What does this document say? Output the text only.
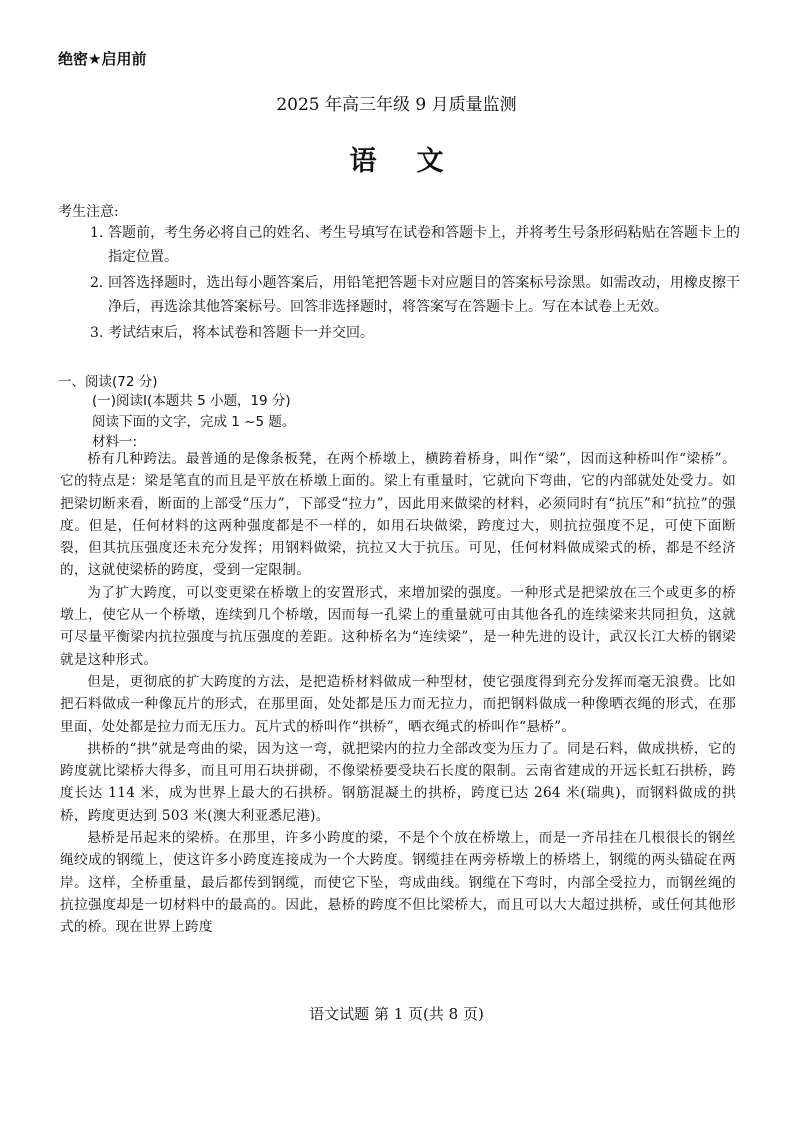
绝密★启用前
2025 年高三年级 9 月质量监测
语文
考生注意:
1. 答题前，考生务必将自己的姓名、考生号填写在试卷和答题卡上，并将考生号条形码粘贴在答题卡上的指定位置。
2. 回答选择题时，选出每小题答案后，用铅笔把答题卡对应题目的答案标号涂黑。如需改动，用橡皮擦干净后，再选涂其他答案标号。回答非选择题时，将答案写在答题卡上。写在本试卷上无效。
3. 考试结束后，将本试卷和答题卡一并交回。
一、阅读(72 分)
(一)阅读Ⅰ(本题共 5 小题，19 分)
阅读下面的文字，完成 1 ~5 题。
材料一:

桥有几种跨法。最普通的是像条板凳，在两个桥墩上，横跨着桥身，叫作“梁”，因而这种桥叫作“梁桥”。它的特点是：梁是笔直的而且是平放在桥墩上面的。梁上有重量时，它就向下弯曲，它的内部就处处受力。如把梁切断来看，断面的上部受“压力”，下部受“拉力”，因此用来做梁的材料，必须同时有“抗压”和“抗拉”的强度。但是，任何材料的这两种强度都是不一样的，如用石块做梁，跨度过大，则抗拉强度不足，可使下面断裂，但其抗压强度还未充分发挥；用钢料做梁，抗拉又大于抗压。可见，任何材料做成梁式的桥，都是不经济的，这就使梁桥的跨度，受到一定限制。

为了扩大跨度，可以变更梁在桥墩上的安置形式，来增加梁的强度。一种形式是把梁放在三个或更多的桥墩上，使它从一个桥墩，连续到几个桥墩，因而每一孔梁上的重量就可由其他各孔的连续梁来共同担负，这就可尽量平衡梁内抗拉强度与抗压强度的差距。这种桥名为“连续梁”，是一种先进的设计，武汉长江大桥的钢梁就是这种形式。

但是，更彻底的扩大跨度的方法，是把造桥材料做成一种型材，使它强度得到充分发挥而毫无浪费。比如把石料做成一种像瓦片的形式，在那里面，处处都是压力而无拉力，而把钢料做成一种像晒衣绳的形式，在那里面，处处都是拉力而无压力。瓦片式的桥叫作“拱桥”，晒衣绳式的桥叫作“悬桥”。

拱桥的“拱”就是弯曲的梁，因为这一弯，就把梁内的拉力全部改变为压力了。同是石料，做成拱桥，它的跨度就比梁桥大得多，而且可用石块拼砌，不像梁桥要受块石长度的限制。云南省建成的开远长虹石拱桥，跨度长达 114 米，成为世界上最大的石拱桥。钢筋混凝土的拱桥，跨度已达 264 米(瑞典)，而钢料做成的拱桥，跨度更达到 503 米(澳大利亚悉尼港)。

悬桥是吊起来的梁桥。在那里，许多小跨度的梁，不是个个放在桥墩上，而是一齐吊挂在几根很长的钢丝绳绞成的钢缆上，使这许多小跨度连接成为一个大跨度。钢缆挂在两旁桥墩上的桥塔上，钢缆的两头锚碇在两岸。这样，全桥重量，最后都传到钢缆，而使它下坠，弯成曲线。钢缆在下弯时，内部全受拉力，而钢丝绳的抗拉强度却是一切材料中的最高的。因此，悬桥的跨度不但比梁桥大，而且可以大大超过拱桥，或任何其他形式的桥。现在世界上跨度

语文试题 第 1 页(共 8 页)
